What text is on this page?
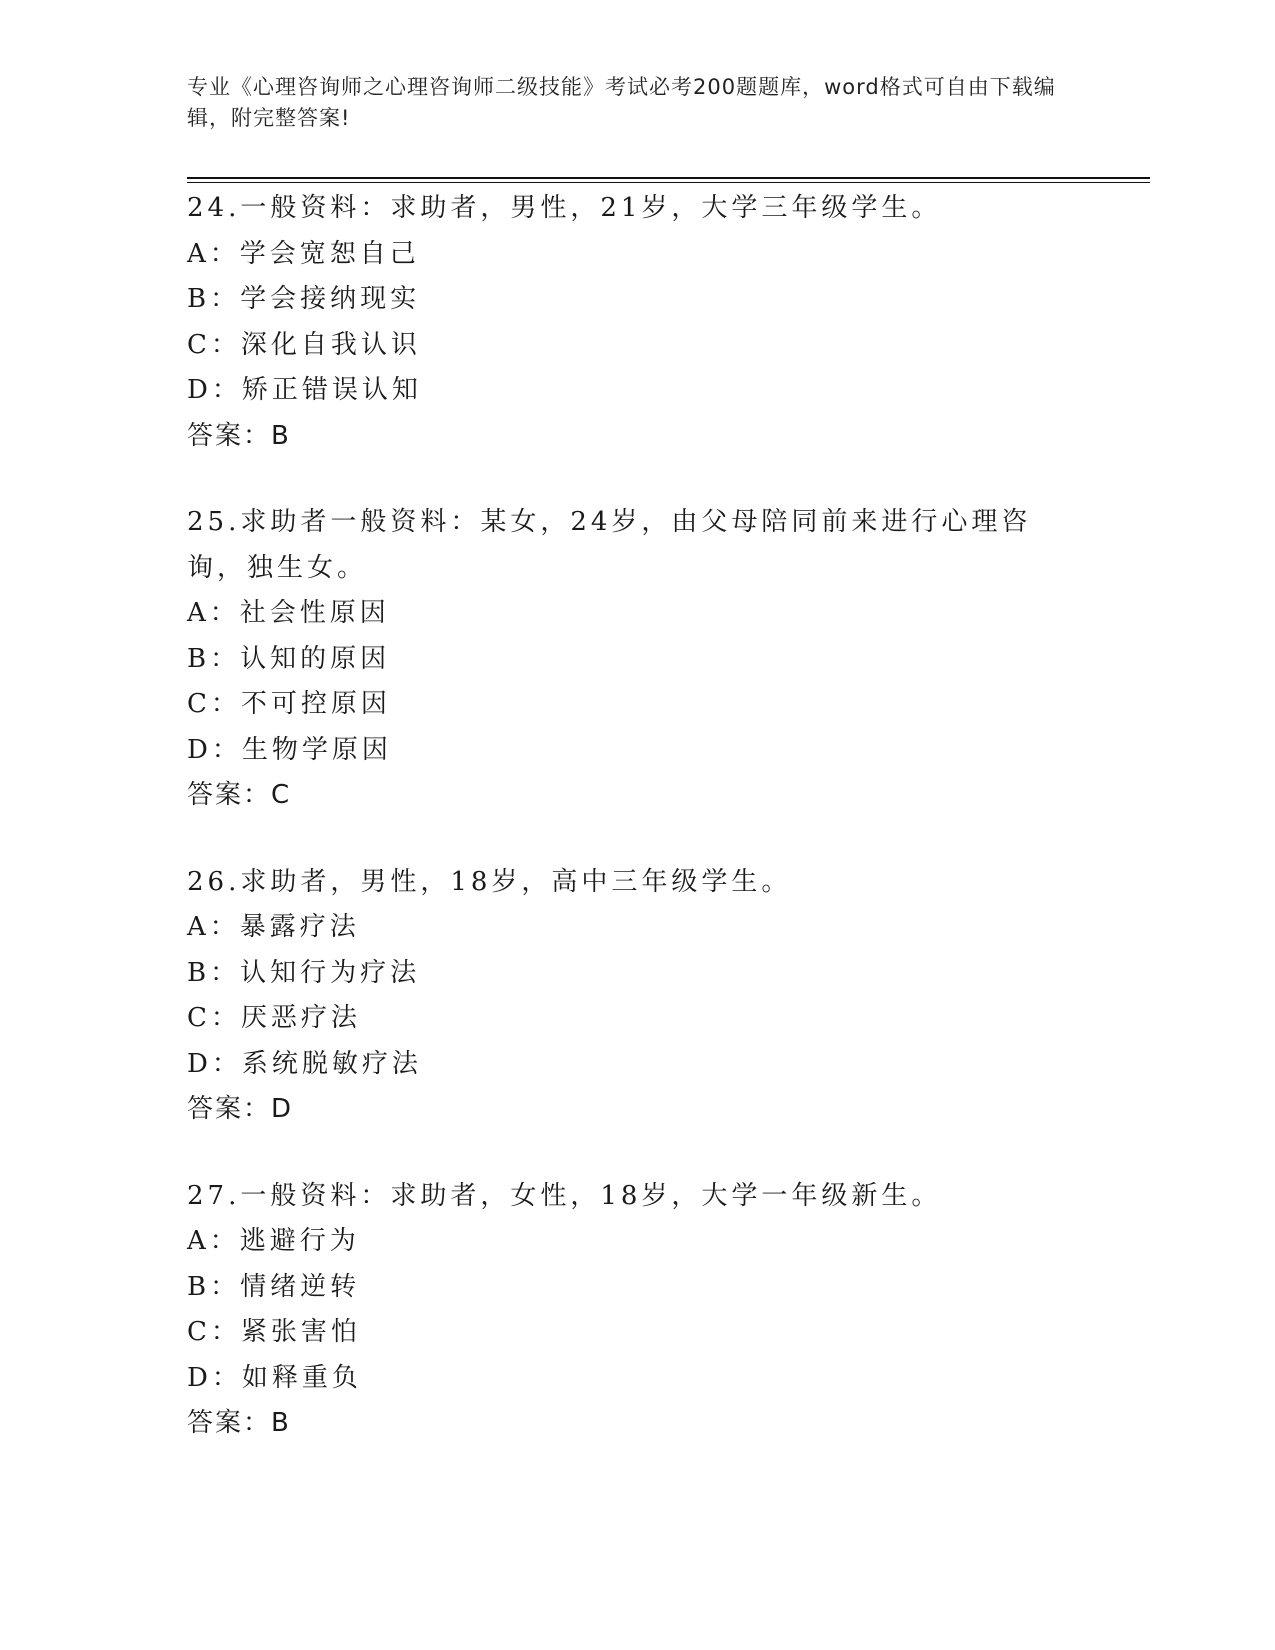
专业《心理咨询师之心理咨询师二级技能》考试必考200题题库，word格式可自由下载编辑，附完整答案!
24.一般资料：求助者，男性，21岁，大学三年级学生。
A：学会宽恕自己
B：学会接纳现实
C：深化自我认识
D：矫正错误认知
答案：B
25.求助者一般资料：某女，24岁，由父母陪同前来进行心理咨询，独生女。
A：社会性原因
B：认知的原因
C：不可控原因
D：生物学原因
答案：C
26.求助者，男性，18岁，高中三年级学生。
A：暴露疗法
B：认知行为疗法
C：厌恶疗法
D：系统脱敏疗法
答案：D
27.一般资料：求助者，女性，18岁，大学一年级新生。
A：逃避行为
B：情绪逆转
C：紧张害怕
D：如释重负
答案：B
